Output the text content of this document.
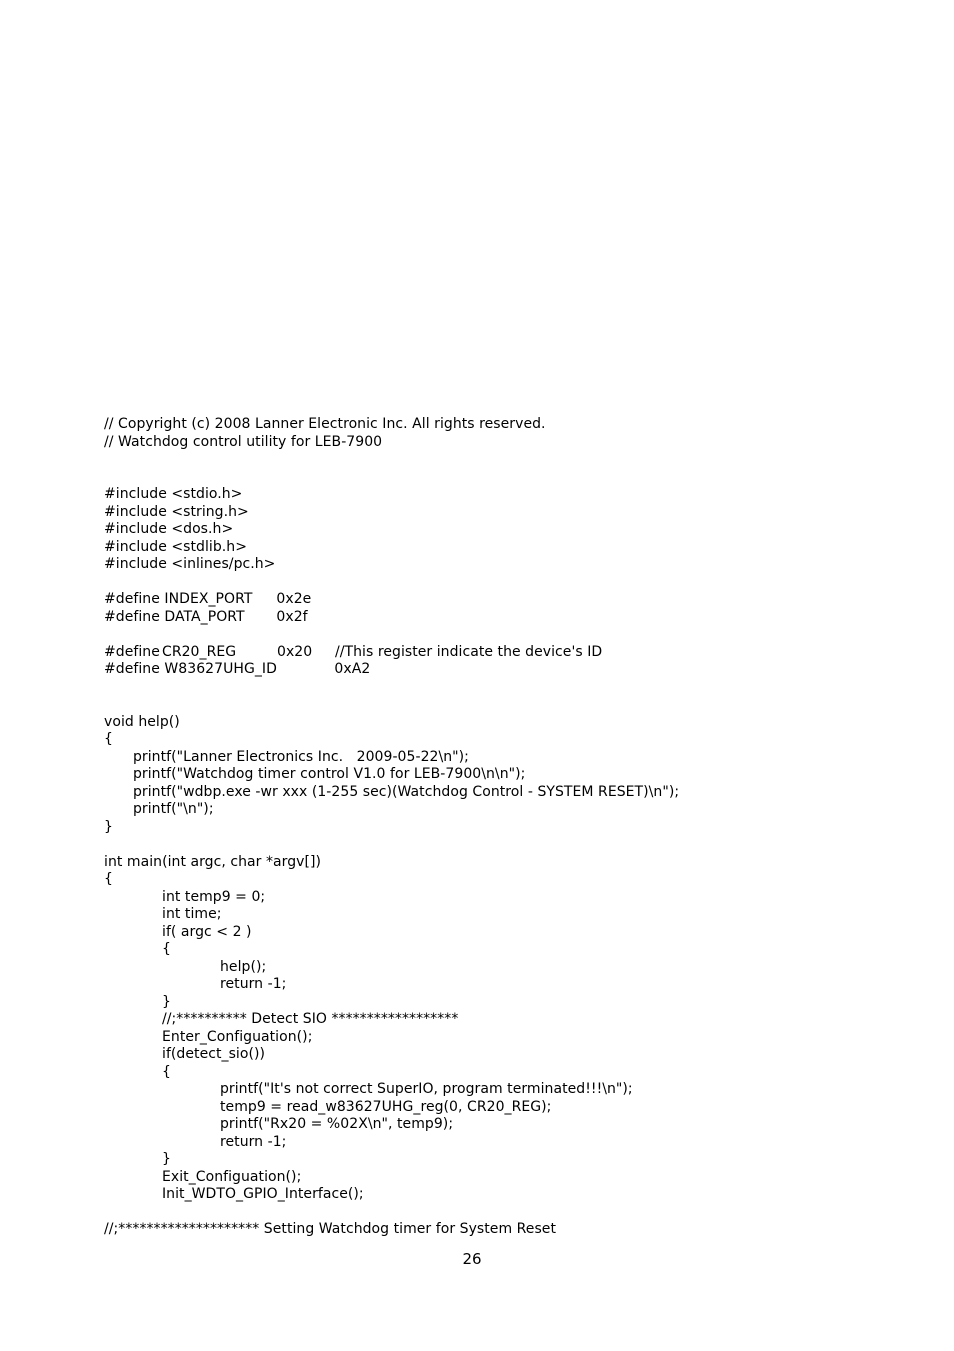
// Copyright (c) 2008 Lanner Electronic Inc. All rights reserved.
// Watchdog control utility for LEB-7900
#include <stdio.h>
#include <string.h>
#include <dos.h>
#include <stdlib.h>
#include <inlines/pc.h>
#define INDEX_PORT 0x2e
#define DATA_PORT 0x2f
#define CR20_REG	0x20 //This register indicate the device's ID
#define W83627UHG_ID	0xA2
void help()
{
printf("Lanner Electronics Inc.   2009-05-22\n");
printf("Watchdog timer control V1.0 for LEB-7900\n\n");
printf("wdbp.exe -wr xxx (1-255 sec)(Watchdog Control - SYSTEM RESET)\n");
printf("\n");
}
int main(int argc, char *argv[])
{
int temp9 = 0;
int time;
if( argc < 2 )
{
help();
return -1;
}
//;********** Detect SIO ******************
Enter_Configuation();
if(detect_sio())
{
printf("It's not correct SuperIO, program terminated!!!\n");
temp9 = read_w83627UHG_reg(0, CR20_REG);
printf("Rx20 = %02X\n", temp9);
return -1;
}
Exit_Configuation();
Init_WDTO_GPIO_Interface();
//;******************** Setting Watchdog timer for System Reset
26
